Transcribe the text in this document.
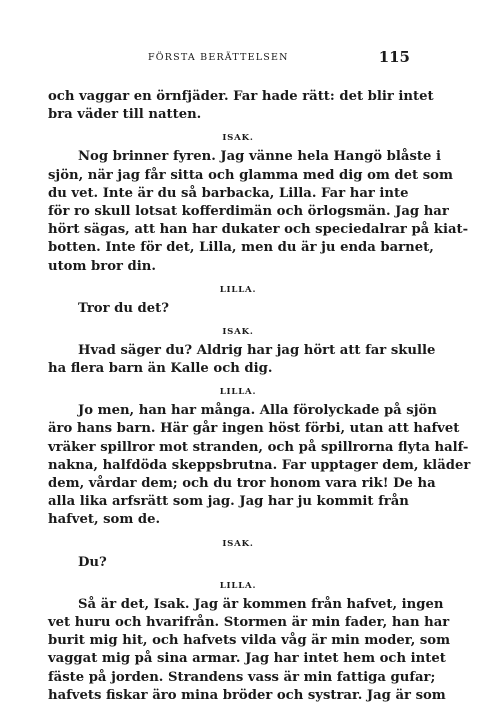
FÖRSTA BERÄTTELSEN	115
och vaggar en örnfjäder. Far hade rätt: det blir intet
bra väder till natten.
ISAK.
Nog brinner fyren. Jag vänne hela Hangö blåste i
sjön, när jag får sitta och glamma med dig om det som
du vet. Inte är du så barbacka, Lilla. Far har inte
för ro skull lotsat kofferdimän och örlogsmän. Jag har
hört sägas, att han har dukater och speciedalrar på kiat-
botten. Inte för det, Lilla, men du är ju enda barnet,
utom bror din.
LILLA.
Tror du det?
ISAK.
Hvad säger du? Aldrig har jag hört att far skulle
ha flera barn än Kalle och dig.
LILLA.
Jo men, han har många. Alla förolyckade på sjön
äro hans barn. Här går ingen höst förbi, utan att hafvet
vräker spillror mot stranden, och på spillrorna flyta half-
nakna, halfdöda skeppsbrutna. Far upptager dem, kläder
dem, vårdar dem; och du tror honom vara rik! De ha
alla lika arfsrätt som jag. Jag har ju kommit från
hafvet, som de.
ISAK.
Du?
LILLA.
Så är det, Isak. Jag är kommen från hafvet, ingen
vet huru och hvarifrån. Stormen är min fader, han har
burit mig hit, och hafvets vilda våg är min moder, som
vaggat mig på sina armar. Jag har intet hem och intet
fäste på jorden. Strandens vass är min fattiga gufar;
hafvets fiskar äro mina bröder och systrar. Jag är som
